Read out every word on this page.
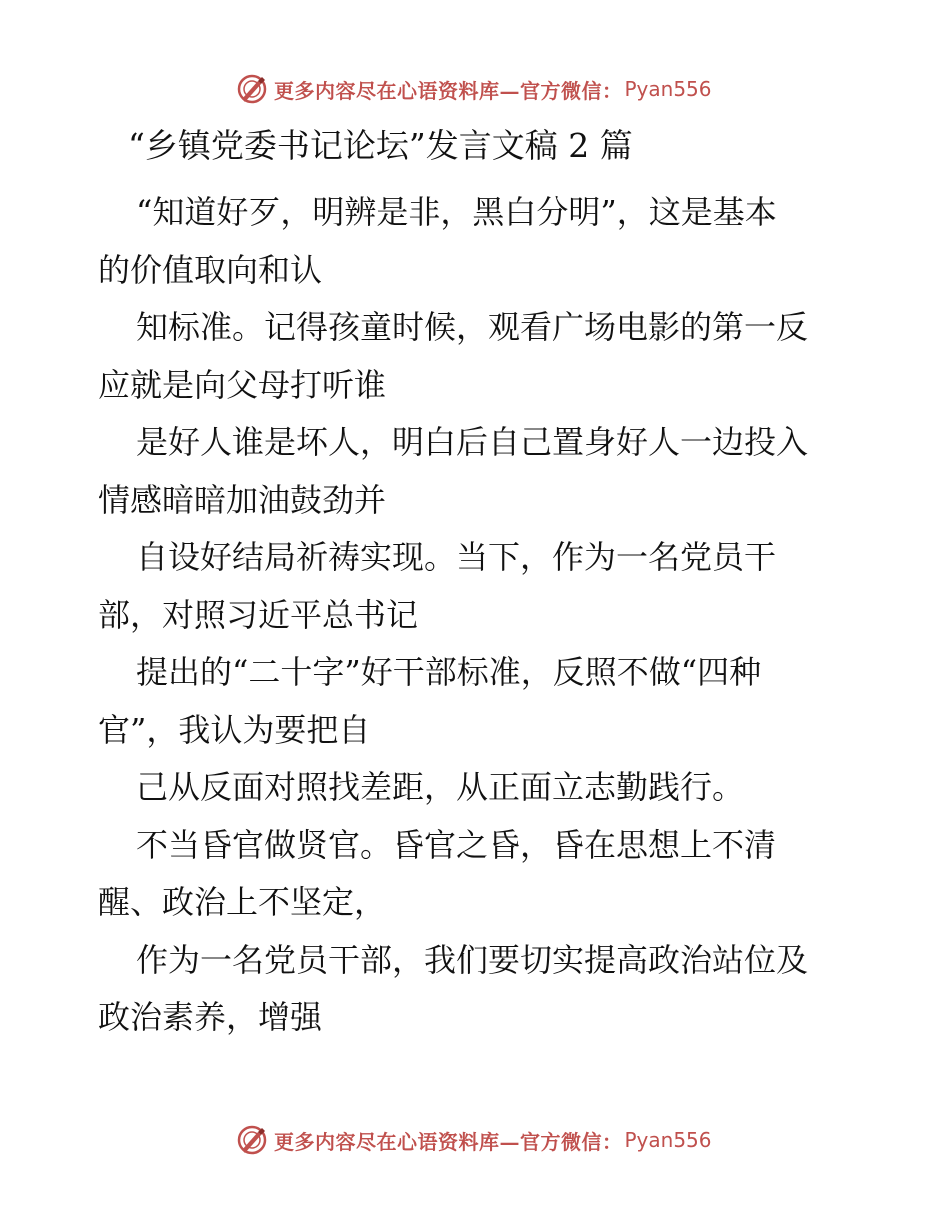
更多内容尽在心语资料库—官方微信： Pyan556
“乡镇党委书记论坛”发言文稿 2 篇
“知道好歹，明辨是非，黑白分明”，这是基本
的价值取向和认
知标准。记得孩童时候，观看广场电影的第一反
应就是向父母打听谁
是好人谁是坏人，明白后自己置身好人一边投入
情感暗暗加油鼓劲并
自设好结局祈祷实现。当下，作为一名党员干
部，对照习近平总书记
提出的“二十字”好干部标准，反照不做“四种
官”，我认为要把自
己从反面对照找差距，从正面立志勤践行。
不当昏官做贤官。昏官之昏，昏在思想上不清
醒、政治上不坚定，
作为一名党员干部，我们要切实提高政治站位及
政治素养，增强
更多内容尽在心语资料库—官方微信： Pyan556
